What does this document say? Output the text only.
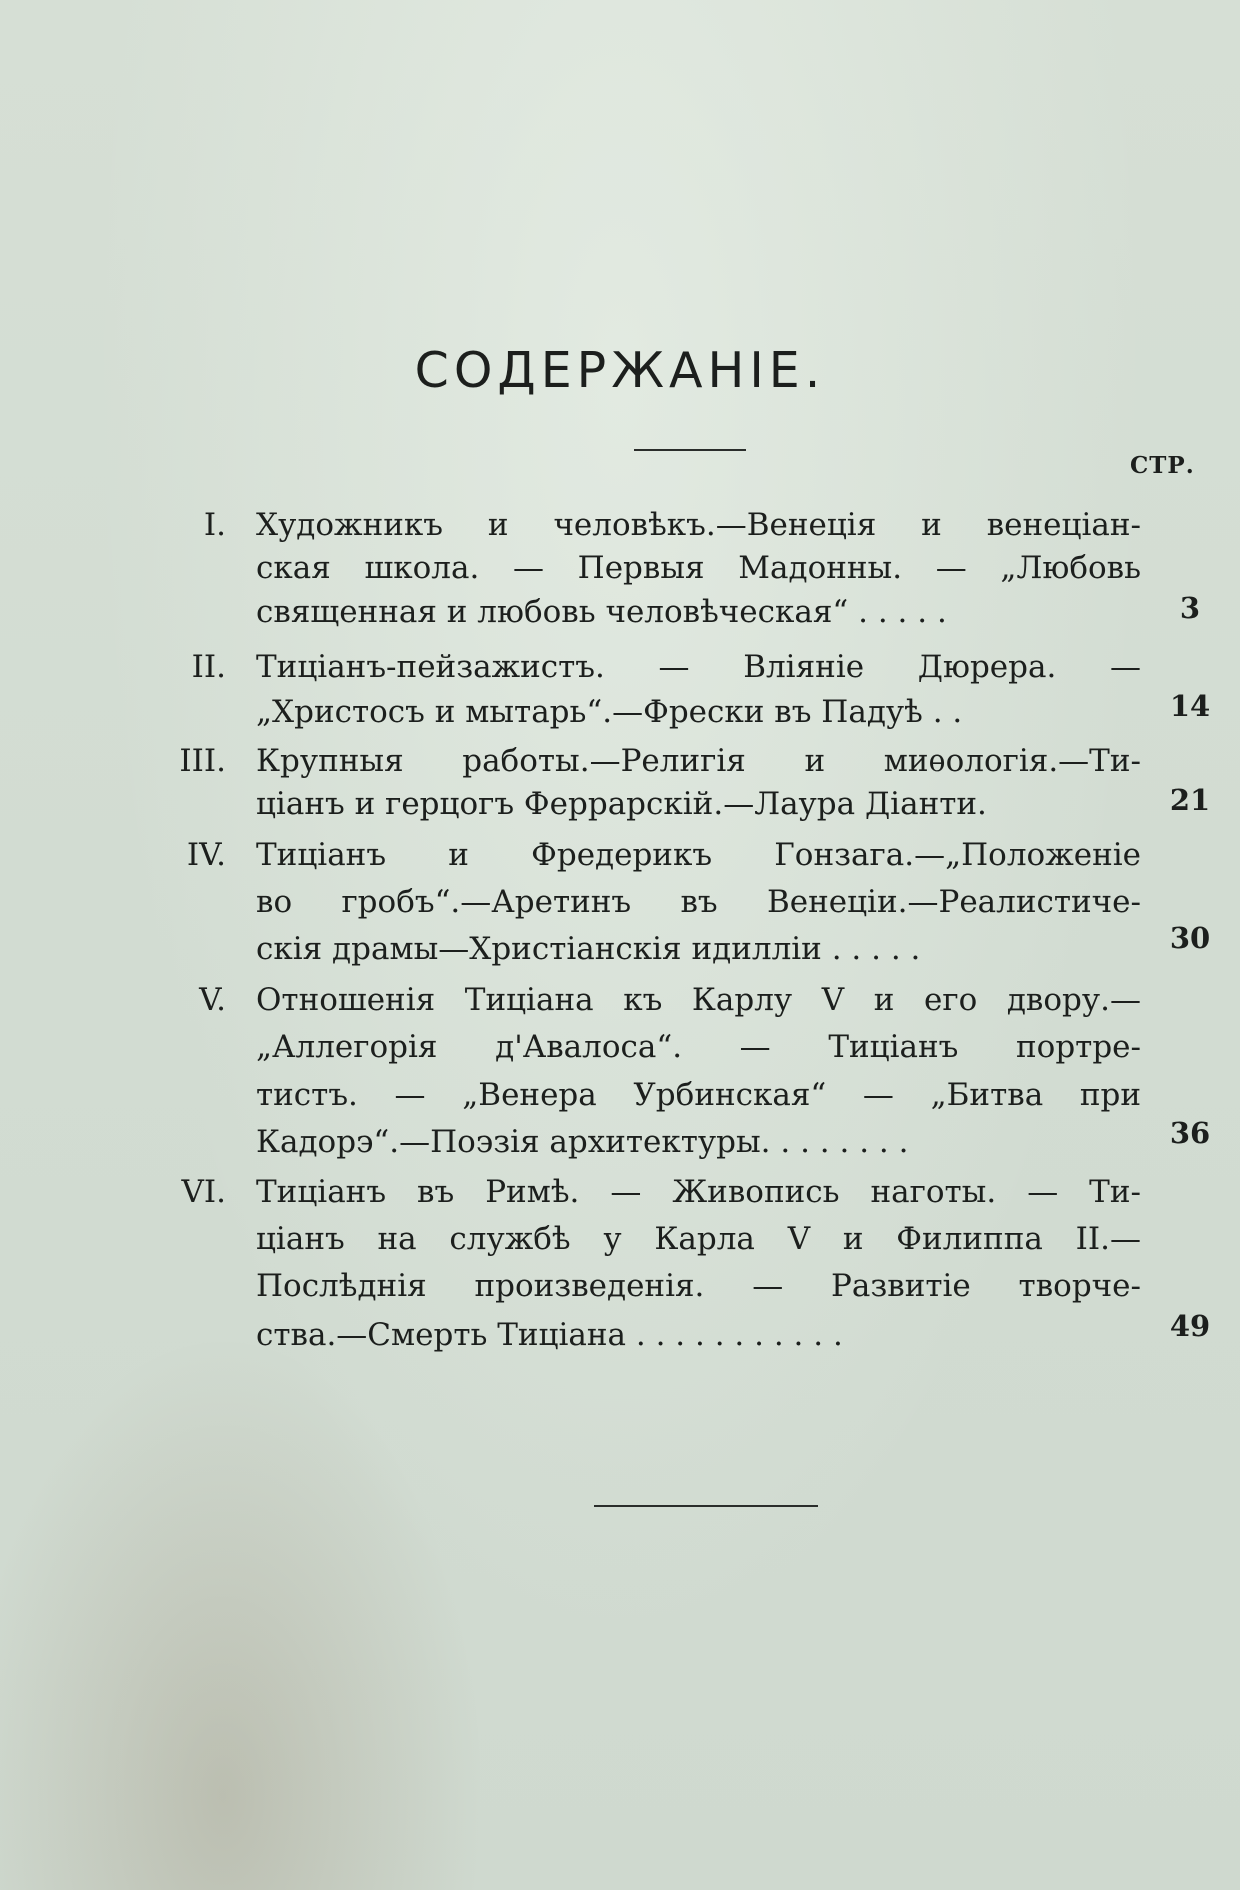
СОДЕРЖАНІЕ.
СТР.
I. Художникъ и человѣкъ.—Венеція и венеціан-
ская школа. — Первыя Мадонны. — „Любовь
священная и любовь человѣческая“ . . . . .	3
II. Тиціанъ-пейзажистъ. — Вліяніе Дюрера. —
„Христосъ и мытарь“.—Фрески въ Падуѣ . .	14
III. Крупныя работы.—Религія и миѳологія.—Ти-
ціанъ и герцогъ Феррарскій.—Лаура Діанти.	21
IV. Тиціанъ и Фредерикъ Гонзага.—„Положеніе
во гробъ“.—Аретинъ въ Венеціи.—Реалистиче-
скія драмы—Христіанскія идилліи . . . . .	30
V. Отношенія Тиціана къ Карлу V и его двору.—
„Аллегорія д'Авалоса“. — Тиціанъ портре-
тистъ. — „Венера Урбинская“ — „Битва при
Кадорэ“.—Поэзія архитектуры. . . . . . . .	36
VI. Тиціанъ въ Римѣ. — Живопись наготы. — Ти-
ціанъ на службѣ у Карла V и Филиппа II.—
Послѣднія произведенія. — Развитіе творче-
ства.—Смерть Тиціана . . . . . . . . . . .	49
